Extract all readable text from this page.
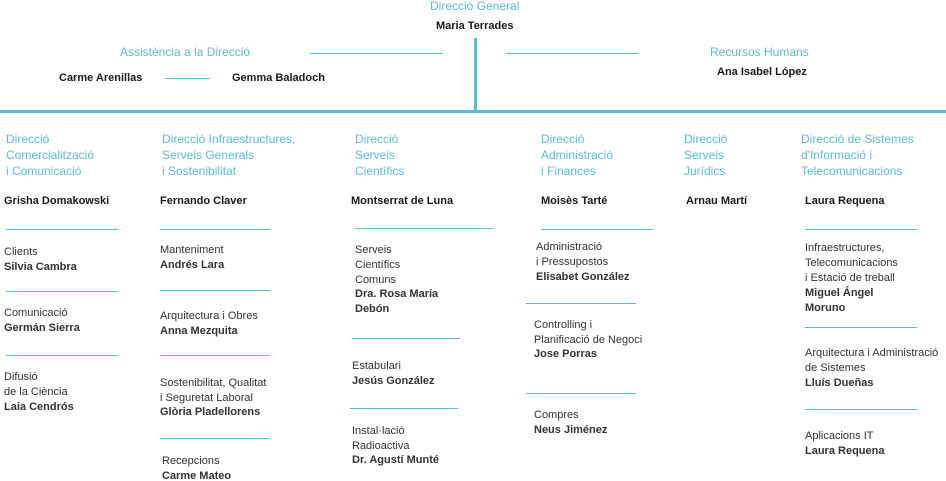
Direcció General
Maria Terrades
Assistència a la Direcció
Carme Arenillas	Gemma Baladoch
Recursos Humans
Ana Isabel López
Direcció
Comercialització
i Comunicació
Grisha Domakowski
Clients
Silvia Cambra
Comunicació
Germán Sierra
Difusió
de la Ciència
Laia Cendrós
Direcció Infraestructures,
Serveis Generals
i Sostenibilitat
Fernando Claver
Manteniment
Andrés Lara
Arquitectura i Obres
Anna Mezquita
Sostenibilitat, Qualitat
i Seguretat Laboral
Glòria Pladellorens
Recepcions
Carme Mateo
Direcció
Serveis
Científics
Montserrat de Luna
Serveis
Científics
Comuns
Dra. Rosa María
Debón
Estabulari
Jesús González
Instal·lació
Radioactiva
Dr. Agustí Munté
Direcció
Administració
i Finances
Moisès Tarté
Administració
i Pressupostos
Elisabet González
Controlling i
Planificació de Negoci
Jose Porras
Compres
Neus Jiménez
Direcció
Serveis
Jurídics
Arnau Martí
Direcció de Sistemes
d'Informació i
Telecomunicacions
Laura Requena
Infraestructures,
Telecomunicacions
i Estació de treball
Miguel Ángel
Moruno
Arquitectura i Administració
de Sistemes
Lluís Dueñas
Aplicacions IT
Laura Requena
